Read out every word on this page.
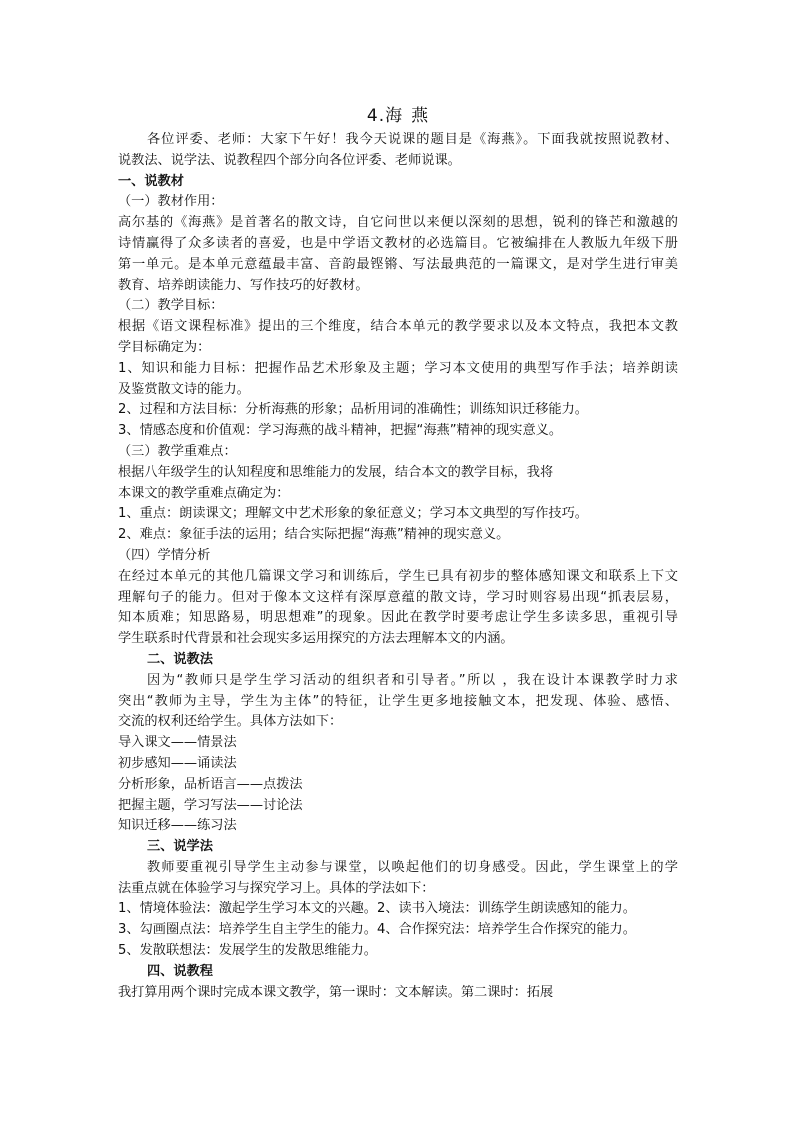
4.海 燕
各位评委、老师：大家下午好！我今天说课的题目是《海燕》。下面我就按照说教材、
说教法、说学法、说教程四个部分向各位评委、老师说课。
一、说教材
（一）教材作用：
高尔基的《海燕》是首著名的散文诗，自它问世以来便以深刻的思想，锐利的锋芒和激越的
诗情赢得了众多读者的喜爱，也是中学语文教材的必选篇目。它被编排在人教版九年级下册
第一单元。是本单元意蕴最丰富、音韵最铿锵、写法最典范的一篇课文，是对学生进行审美
教育、培养朗读能力、写作技巧的好教材。
（二）教学目标：
根据《语文课程标准》提出的三个维度，结合本单元的教学要求以及本文特点，我把本文教
学目标确定为：
1、知识和能力目标：把握作品艺术形象及主题；学习本文使用的典型写作手法；培养朗读
及鉴赏散文诗的能力。
2、过程和方法目标：分析海燕的形象；品析用词的准确性；训练知识迁移能力。
3、情感态度和价值观：学习海燕的战斗精神，把握“海燕”精神的现实意义。
（三）教学重难点：
根据八年级学生的认知程度和思维能力的发展，结合本文的教学目标，我将
本课文的教学重难点确定为：
1、重点：朗读课文；理解文中艺术形象的象征意义；学习本文典型的写作技巧。
2、难点：象征手法的运用；结合实际把握“海燕”精神的现实意义。
（四）学情分析
在经过本单元的其他几篇课文学习和训练后，学生已具有初步的整体感知课文和联系上下文
理解句子的能力。但对于像本文这样有深厚意蕴的散文诗，学习时则容易出现“抓表层易，
知本质难；知思路易，明思想难”的现象。因此在教学时要考虑让学生多读多思，重视引导
学生联系时代背景和社会现实多运用探究的方法去理解本文的内涵。
二、说教法
因为“教师只是学生学习活动的组织者和引导者。”所以 ，我在设计本课教学时力求
突出“教师为主导，学生为主体”的特征，让学生更多地接触文本，把发现、体验、感悟、
交流的权利还给学生。具体方法如下：
导入课文——情景法
初步感知——诵读法
分析形象，品析语言——点拨法
把握主题，学习写法——讨论法
知识迁移——练习法
三、说学法
教师要重视引导学生主动参与课堂，以唤起他们的切身感受。因此，学生课堂上的学
法重点就在体验学习与探究学习上。具体的学法如下：
1、情境体验法：激起学生学习本文的兴趣。2、读书入境法：训练学生朗读感知的能力。
3、勾画圈点法：培养学生自主学生的能力。4、合作探究法：培养学生合作探究的能力。
5、发散联想法：发展学生的发散思维能力。
四、说教程
我打算用两个课时完成本课文教学，第一课时：文本解读。第二课时：拓展
